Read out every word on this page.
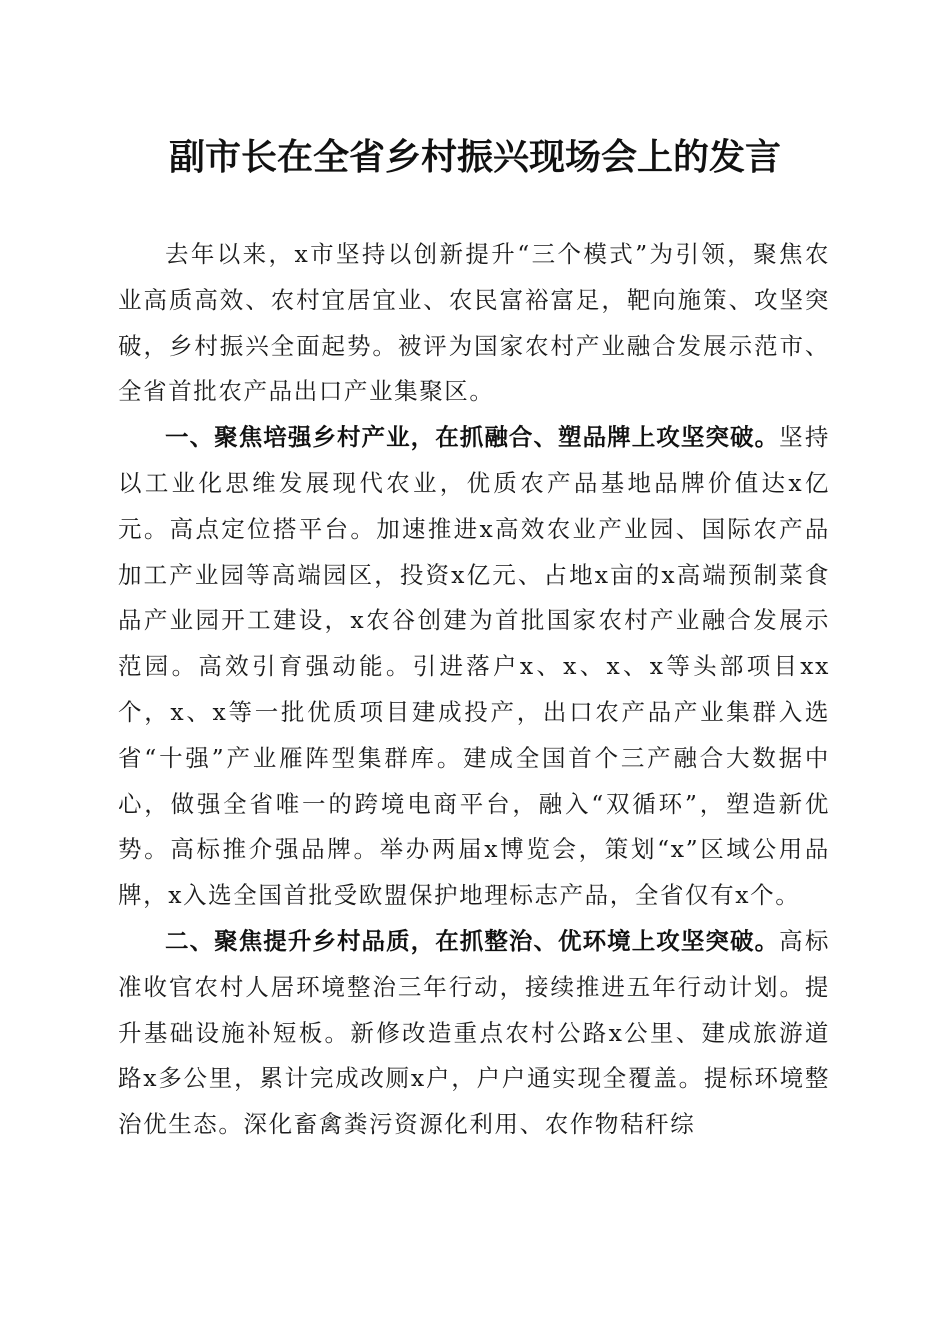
副市长在全省乡村振兴现场会上的发言

去年以来，x市坚持以创新提升“三个模式”为引领，聚焦农业高质高效、农村宜居宜业、农民富裕富足，靶向施策、攻坚突破，乡村振兴全面起势。被评为国家农村产业融合发展示范市、全省首批农产品出口产业集聚区。

一、聚焦培强乡村产业，在抓融合、塑品牌上攻坚突破。坚持以工业化思维发展现代农业，优质农产品基地品牌价值达x亿元。高点定位搭平台。加速推进x高效农业产业园、国际农产品加工产业园等高端园区，投资x亿元、占地x亩的x高端预制菜食品产业园开工建设，x农谷创建为首批国家农村产业融合发展示范园。高效引育强动能。引进落户x、x、x、x等头部项目xx个，x、x等一批优质项目建成投产，出口农产品产业集群入选省“十强”产业雁阵型集群库。建成全国首个三产融合大数据中心，做强全省唯一的跨境电商平台，融入“双循环”，塑造新优势。高标推介强品牌。举办两届x博览会，策划“x”区域公用品牌，x入选全国首批受欧盟保护地理标志产品，全省仅有x个。

二、聚焦提升乡村品质，在抓整治、优环境上攻坚突破。高标准收官农村人居环境整治三年行动，接续推进五年行动计划。提升基础设施补短板。新修改造重点农村公路x公里、建成旅游道路x多公里，累计完成改厕x户，户户通实现全覆盖。提标环境整治优生态。深化畜禽粪污资源化利用、农作物秸秆综
